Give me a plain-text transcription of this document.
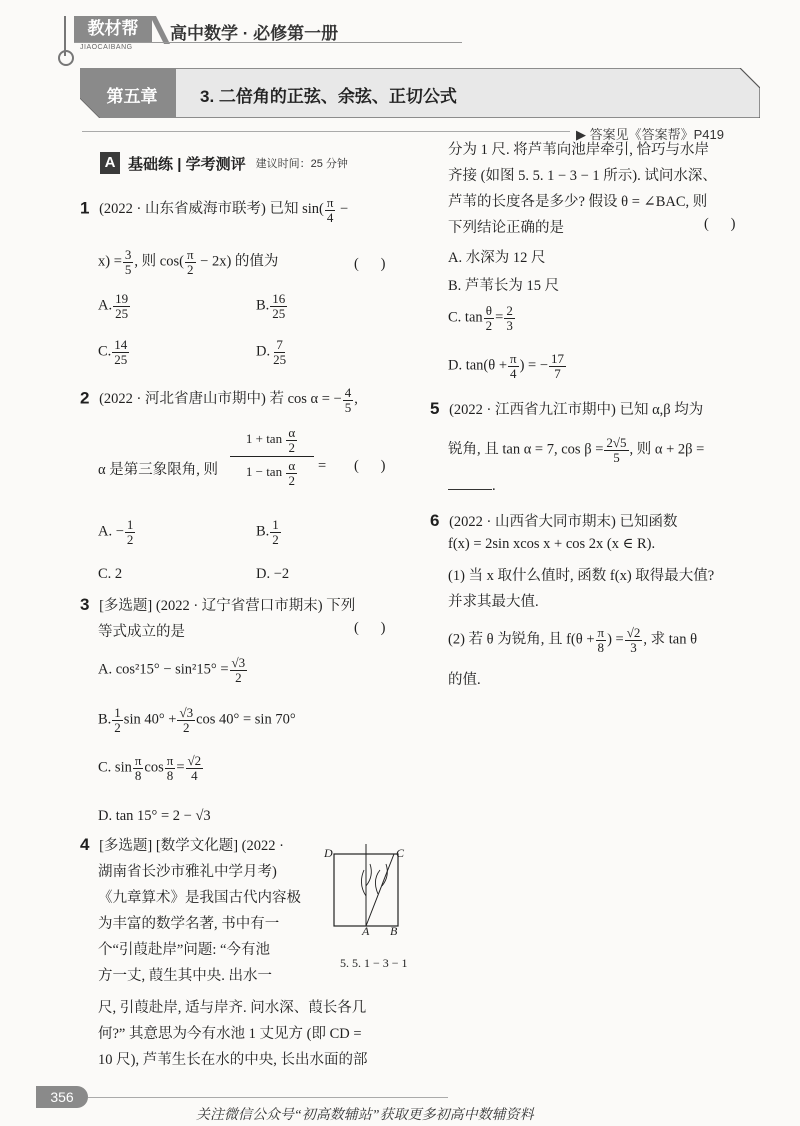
教材帮
JIAOCAIBANG
高中数学 · 必修第一册
第五章	3. 二倍角的正弦、余弦、正切公式
▶ 答案见《答案帮》P419
A 基础练 | 学考测评 建议时间：25 分钟
1 (2022 · 山东省威海市联考) 已知 $\sin( \frac{\pi}{4}$ −
$x) = \frac{3}{5}$ , 则 $\cos( \frac{\pi}{2} - 2x)$ 的值为	(      )
A. $\frac{19}{25}$	B. $\frac{16}{25}$
C. $\frac{14}{25}$	D. $\frac{7}{25}$
2 (2022 · 河北省唐山市期中) 若 cos α = − $\frac{4}{5}$ ,
$1 + \tan \frac{\alpha}{2}$
$1 - \tan \frac{\alpha}{2}$
α 是第三象限角, 则	= (      )
A. − $\frac{1}{2}$	B. $\frac{1}{2}$
C. 2	D. −2
3 [多选题] (2022 · 辽宁省营口市期末) 下列
等式成立的是	(      )
A. $\cos^215^\circ - \sin^215^\circ = \frac{√3}{2}$
B. $\frac{1}{2}$ $\sin 40^\circ + \frac{√3}{2}$ cos 40° = sin 70°
C. $\sin \frac{\pi}{8}$ $\cos \frac{\pi}{8} = \frac{√2}{4}$
D. tan 15° = 2 − √3
4 [多选题] [数学文化题] (2022 ·
湖南省长沙市雅礼中学月考)
《九章算术》是我国古代内容极
为丰富的数学名著, 书中有一
个“引葭赴岸”问题: “今有池
方一丈, 葭生其中央. 出水一
尺, 引葭赴岸, 适与岸齐. 问水深、葭长各几
何?” 其意思为今有水池 1 丈见方 (即 CD =
10 尺), 芦苇生长在水的中央, 长出水面的部
D	C
A B
5. 5. 1 − 3 − 1
分为 1 尺. 将芦苇向池岸牵引, 恰巧与水岸
齐接 (如图 5. 5. 1 − 3 − 1 所示). 试问水深、
芦苇的长度各是多少? 假设 θ = ∠BAC, 则
下列结论正确的是	(      )
A. 水深为 12 尺
B. 芦苇长为 15 尺
C. $\tan \frac{\theta}{2} = \frac{2}{3}$
D. $\tan(\theta + \frac{\pi}{4}$ ) = − $\frac{17}{7}$
5 (2022 · 江西省九江市期中) 已知 α,β 均为
锐角, 且 tan α = 7, $\cos \beta = \frac{2√5}{5}$ , 则 α + 2β =
.
6 (2022 · 山西省大同市期末) 已知函数
f(x) = 2sin xcos x + cos 2x (x ∈ R).
(1) 当 x 取什么值时, 函数 f(x) 取得最大值?
并求其最大值.
(2) 若 θ 为锐角, 且 $f(\theta + \frac{\pi}{8}$ ) = $\frac{√2}{3}$ , 求 tan θ
的值.
356
关注微信公众号“初高数辅站”获取更多初高中数辅资料
